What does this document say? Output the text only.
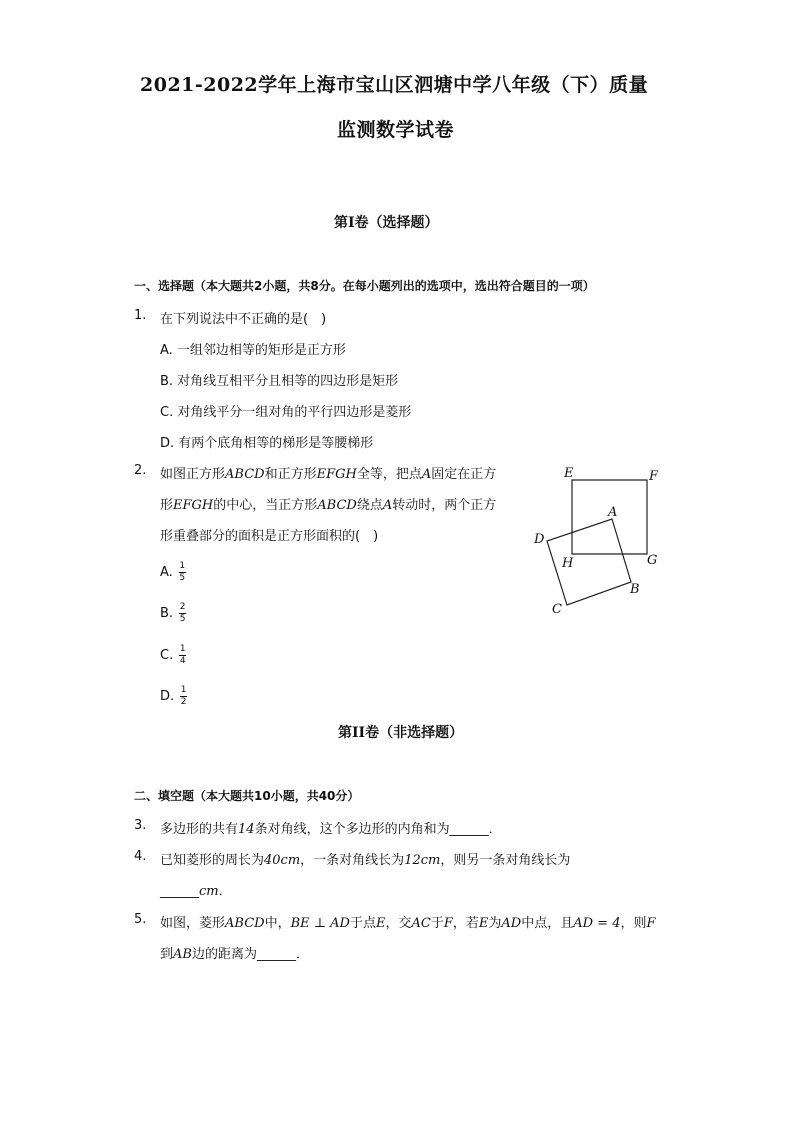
2021-2022学年上海市宝山区泗塘中学八年级（下）质量
监测数学试卷
第I卷（选择题）
一、选择题（本大题共2小题，共8分。在每小题列出的选项中，选出符合题目的一项）
1. 在下列说法中不正确的是(　)
A. 一组邻边相等的矩形是正方形
B. 对角线互相平分且相等的四边形是矩形
C. 对角线平分一组对角的平行四边形是菱形
D. 有两个底角相等的梯形是等腰梯形
2. 如图正方形ABCD和正方形EFGH全等，把点A固定在正方
形EFGH的中心，当正方形ABCD绕点A转动时，两个正方
形重叠部分的面积是正方形面积的(　)
A. $\frac{1}{5}$
B. $\frac{2}{5}$
C. $\frac{1}{4}$
D. $\frac{1}{2}$
E	F
G
H
A
B
C
D
第II卷（非选择题）
二、填空题（本大题共10小题，共40分）
3. 多边形的共有14条对角线，这个多边形的内角和为______．
4. 已知菱形的周长为40cm，一条对角线长为12cm，则另一条对角线长为
______cm．
5. 如图，菱形ABCD中，BE ⊥ AD于点E，交AC于F，若E为AD中点，且AD = 4，则F
到AB边的距离为______．
